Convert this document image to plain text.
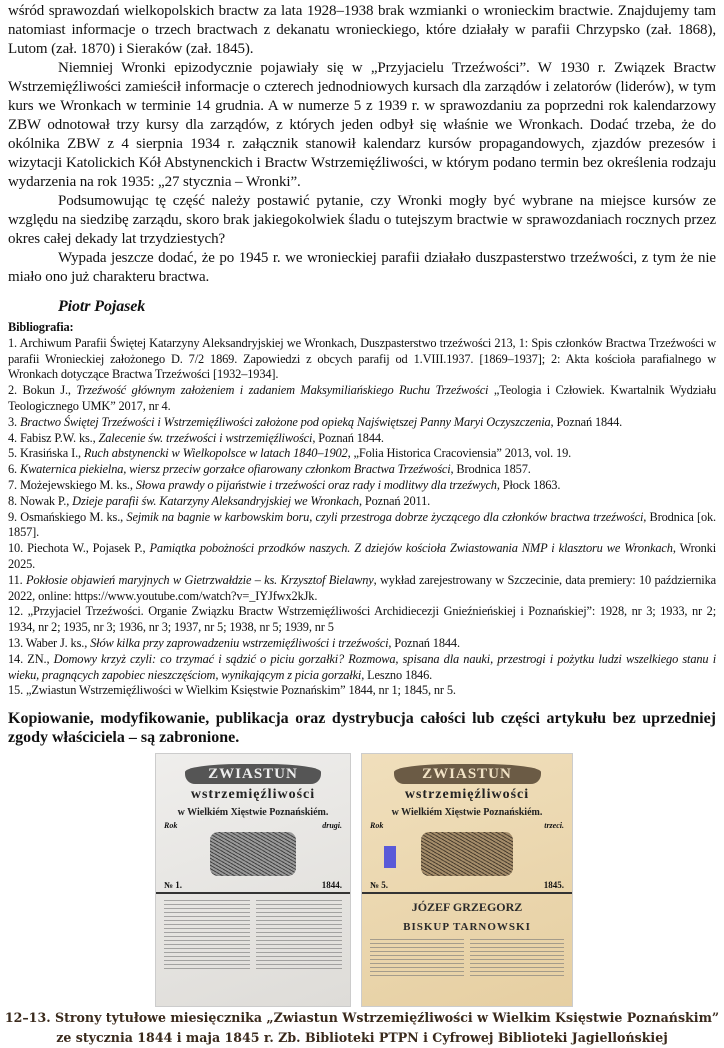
wśród sprawozdań wielkopolskich bractw za lata 1928–1938 brak wzmianki o wronieckim bractwie. Znajdujemy tam natomiast informacje o trzech bractwach z dekanatu wronieckiego, które działały w parafii Chrzypsko (zał. 1868), Lutom (zał. 1870) i Sieraków (zał. 1845).

Niemniej Wronki epizodycznie pojawiały się w „Przyjacielu Trzeźwości”. W 1930 r. Związek Bractw Wstrzemięźliwości zamieścił informacje o czterech jednodniowych kursach dla zarządów i zelatorów (liderów), w tym kurs we Wronkach w terminie 14 grudnia. A w numerze 5 z 1939 r. w sprawozdaniu za poprzedni rok kalendarzowy ZBW odnotował trzy kursy dla zarządów, z których jeden odbył się właśnie we Wronkach. Dodać trzeba, że do okólnika ZBW z 4 sierpnia 1934 r. załącznik stanowił kalendarz kursów propagandowych, zjazdów prezesów i wizytacji Katolickich Kół Abstynenckich i Bractw Wstrzemięźliwości, w którym podano termin bez określenia rodzaju wydarzenia na rok 1935: „27 stycznia – Wronki”.

Podsumowując tę część należy postawić pytanie, czy Wronki mogły być wybrane na miejsce kursów ze względu na siedzibę zarządu, skoro brak jakiegokolwiek śladu o tutejszym bractwie w sprawozdaniach rocznych przez okres całej dekady lat trzydziestych?

Wypada jeszcze dodać, że po 1945 r. we wronieckiej parafii działało duszpasterstwo trzeźwości, z tym że nie miało ono już charakteru bractwa.

Piotr Pojasek

Bibliografia:

1. Archiwum Parafii Świętej Katarzyny Aleksandryjskiej we Wronkach, Duszpasterstwo trzeźwości 213, 1: Spis członków Bractwa Trzeźwości w parafii Wronieckiej założonego D. 7/2 1869. Zapowiedzi z obcych parafij od 1.VIII.1937. [1869–1937]; 2: Akta kościoła parafialnego w Wronkach dotyczące Bractwa Trzeźwości [1932–1934].

2. Bokun J., Trzeźwość głównym założeniem i zadaniem Maksymiliańskiego Ruchu Trzeźwości „Teologia i Człowiek. Kwartalnik Wydziału Teologicznego UMK” 2017, nr 4.

3. Bractwo Świętej Trzeźwości i Wstrzemięźliwości założone pod opieką Najświętszej Panny Maryi Oczyszczenia, Poznań 1844.

4. Fabisz P.W. ks., Zalecenie św. trzeźwości i wstrzemięźliwości, Poznań 1844.

5. Krasińska I., Ruch abstynencki w Wielkopolsce w latach 1840–1902, „Folia Historica Cracoviensia” 2013, vol. 19.

6. Kwaternica piekielna, wiersz przeciw gorzałce ofiarowany członkom Bractwa Trzeźwości, Brodnica 1857.

7. Możejewskiego M. ks., Słowa prawdy o pijaństwie i trzeźwości oraz rady i modlitwy dla trzeźwych, Płock 1863.

8. Nowak P., Dzieje parafii św. Katarzyny Aleksandryjskiej we Wronkach, Poznań 2011.

9. Osmańskiego M. ks., Sejmik na bagnie w karbowskim boru, czyli przestroga dobrze życzącego dla członków bractwa trzeźwości, Brodnica [ok. 1857].

10. Piechota W., Pojasek P., Pamiątka pobożności przodków naszych. Z dziejów kościoła Zwiastowania NMP i klasztoru we Wronkach, Wronki 2025.

11. Pokłosie objawień maryjnych w Gietrzwałdzie – ks. Krzysztof Bielawny, wykład zarejestrowany w Szczecinie, data premiery: 10 października 2022, online: https://www.youtube.com/watch?v=_IYJfwx2kJk.

12. „Przyjaciel Trzeźwości. Organie Związku Bractw Wstrzemięźliwości Archidiecezji Gnieźnieńskiej i Poznańskiej”: 1928, nr 3; 1933, nr 2; 1934, nr 2; 1935, nr 3; 1936, nr 3; 1937, nr 5; 1938, nr 5; 1939, nr 5

13. Waber J. ks., Słów kilka przy zaprowadzeniu wstrzemięźliwości i trzeźwości, Poznań 1844.

14. ZN., Domowy krzyż czyli: co trzymać i sądzić o piciu gorzałki? Rozmowa, spisana dla nauki, przestrogi i pożytku ludzi wszelkiego stanu i wieku, pragnących zapobiec nieszczęściom, wynikającym z picia gorzałki, Leszno 1846.

15. „Zwiastun Wstrzemięźliwości w Wielkim Księstwie Poznańskim” 1844, nr 1; 1845, nr 5.

Kopiowanie, modyfikowanie, publikacja oraz dystrybucja całości lub części artykułu bez uprzedniej zgody właściciela – są zabronione.

ZWIASTUN
wstrzemięźliwości
w Wielkiém Xięstwie Poznańskiém.
Rok	drugi.
№ 1.	1844.
ZWIASTUN
wstrzemięźliwości
w Wielkiém Xięstwie Poznańskiém.
Rok	trzeci.
№ 5.	1845.
JÓZEF GRZEGORZ
BISKUP TARNOWSKI
12–13. Strony tytułowe miesięcznika „Zwiastun Wstrzemięźliwości w Wielkim Księstwie Poznańskim”
ze stycznia 1844 i maja 1845 r. Zb. Biblioteki PTPN i Cyfrowej Biblioteki Jagiellońskiej
